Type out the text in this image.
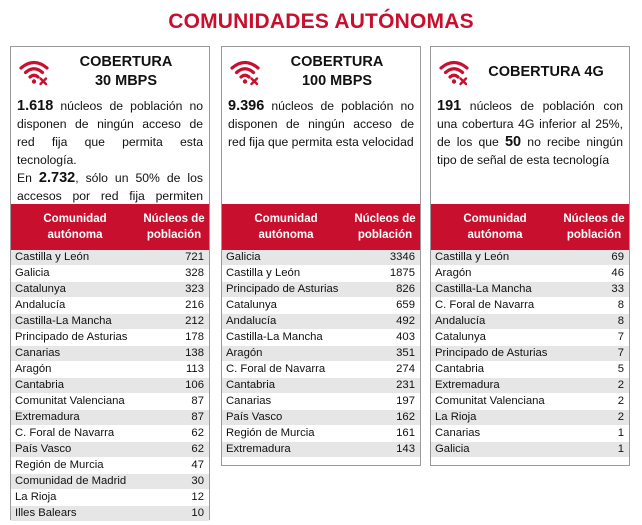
COMUNIDADES AUTÓNOMAS
COBERTURA
30 MBPS
1.618 núcleos de población no disponen de ningún acceso de red fija que permita esta tecnología.
En 2.732, sólo un 50% de los accesos por red fija permiten
Comunidad autónoma	Núcleos de población
Castilla y León	721
Galicia	328
Catalunya	323
Andalucía	216
Castilla-La Mancha	212
Principado de Asturias	178
Canarias	138
Aragón	113
Cantabria	106
Comunitat Valenciana	87
Extremadura	87
C. Foral de Navarra	62
País Vasco	62
Región de Murcia	47
Comunidad de Madrid	30
La Rioja	12
Illes Balears	10
COBERTURA
100 MBPS
9.396 núcleos de población no disponen de ningún acceso de red fija que permita esta velocidad
Comunidad autónoma	Núcleos de población
Galicia	3346
Castilla y León	1875
Principado de Asturias	826
Catalunya	659
Andalucía	492
Castilla-La Mancha	403
Aragón	351
C. Foral de Navarra	274
Cantabria	231
Canarias	197
País Vasco	162
Región de Murcia	161
Extremadura	143
COBERTURA 4G
191 núcleos de población con una cobertura 4G inferior al 25%, de los que 50 no recibe ningún tipo de señal de esta tecnología
Comunidad autónoma	Núcleos de población
Castilla y León	69
Aragón	46
Castilla-La Mancha	33
C. Foral de Navarra	8
Andalucía	8
Catalunya	7
Principado de Asturias	7
Cantabria	5
Extremadura	2
Comunitat Valenciana	2
La Rioja	2
Canarias	1
Galicia	1
